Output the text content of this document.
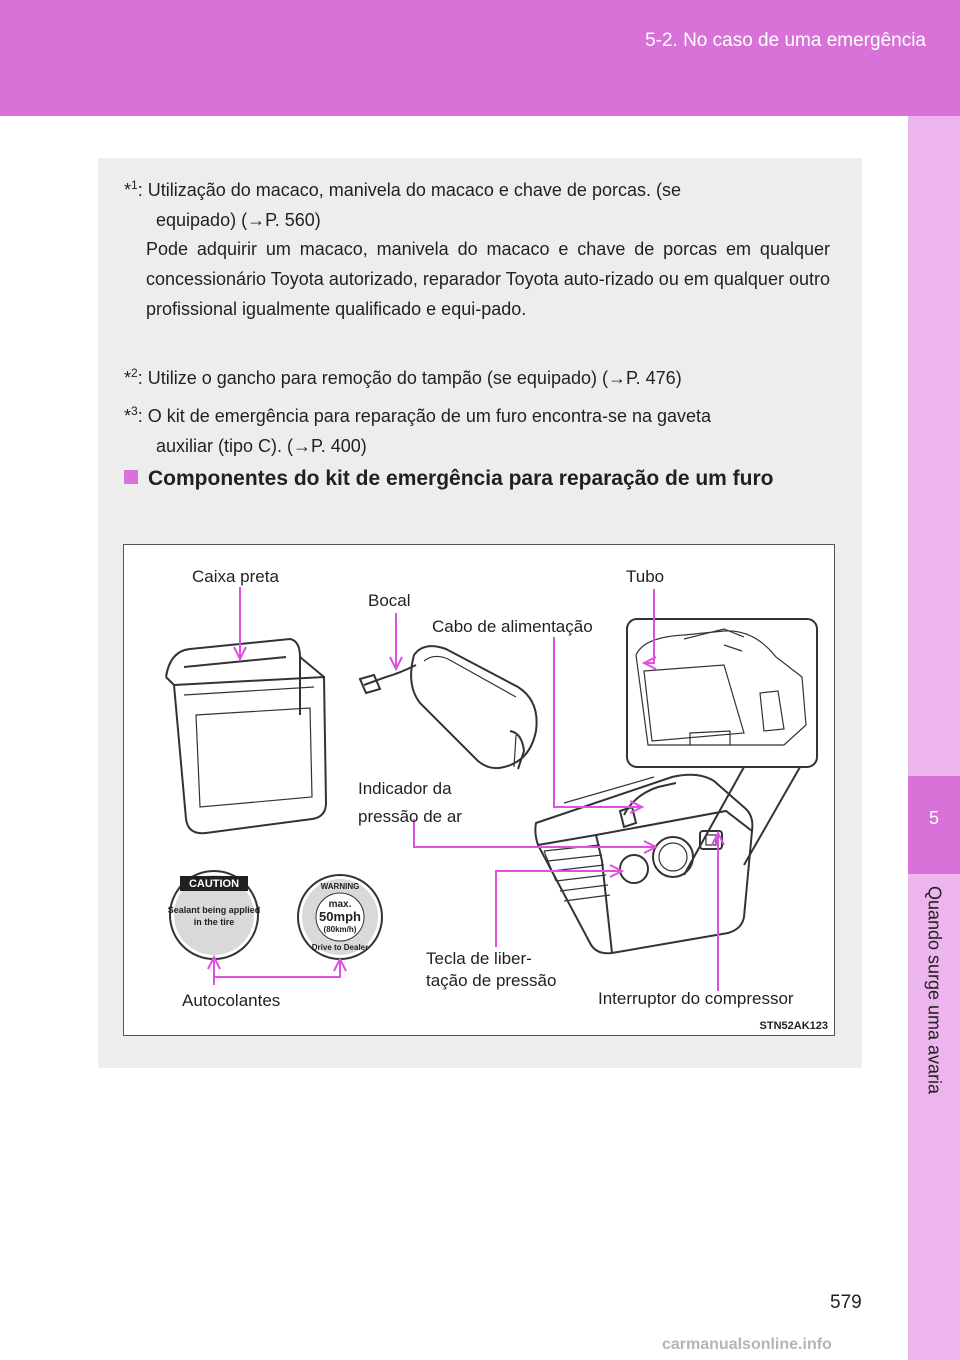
5-2. No caso de uma emergência
5
Quando surge uma avaria
*$^1$: Utilização do macaco, manivela do macaco e chave de porcas. (se
equipado) (→P. 560)
Pode adquirir um macaco, manivela do macaco e chave de porcas em qualquer concessionário Toyota autorizado, reparador Toyota auto-rizado ou em qualquer outro profissional igualmente qualificado e equi-pado.
*$^2$: Utilize o gancho para remoção do tampão (se equipado) (→P. 476)
*$^3$: O kit de emergência para reparação de um furo encontra-se na gaveta
auxiliar (tipo C). (→P. 400)
Componentes do kit de emergência para reparação de um furo
CAUTION
Sealant being applied
in the tire
WARNING
max.
50mph
(80km/h)
Drive to Dealer
Caixa preta
Bocal
Tubo
Cabo de alimentação
Indicador da
pressão de ar
Tecla de liber-
tação de pressão
Autocolantes	Interruptor do compressor
STN52AK123
579
carmanualsonline.info
